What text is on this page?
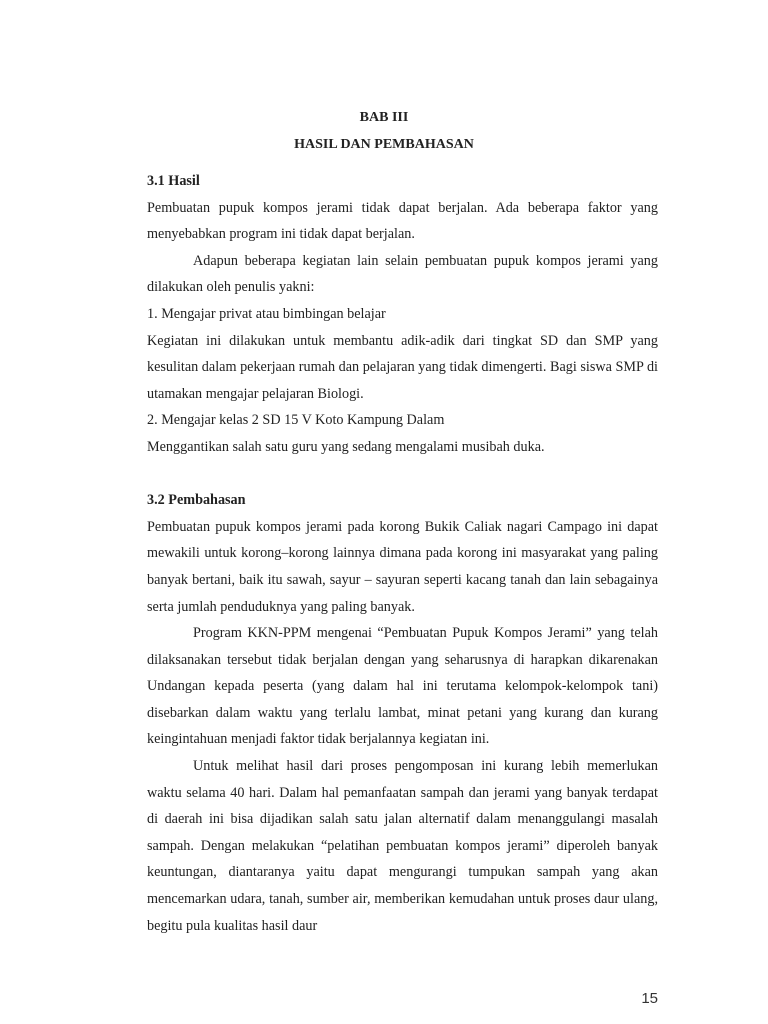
BAB III
HASIL DAN PEMBAHASAN

3.1 Hasil

Pembuatan pupuk kompos jerami tidak dapat berjalan. Ada beberapa faktor yang menyebabkan program ini tidak dapat berjalan.

Adapun beberapa kegiatan lain selain pembuatan pupuk kompos jerami yang dilakukan oleh penulis yakni:

1. Mengajar privat atau bimbingan belajar

Kegiatan ini dilakukan untuk membantu adik-adik dari tingkat SD dan SMP yang kesulitan dalam pekerjaan rumah dan pelajaran yang tidak dimengerti. Bagi siswa SMP di utamakan mengajar pelajaran Biologi.

2. Mengajar kelas 2 SD 15 V Koto Kampung Dalam

Menggantikan salah satu guru yang sedang mengalami musibah duka.

3.2 Pembahasan

Pembuatan pupuk kompos jerami pada korong Bukik Caliak nagari Campago ini dapat mewakili untuk korong–korong lainnya dimana pada korong ini masyarakat yang paling banyak bertani, baik itu sawah, sayur – sayuran seperti kacang tanah dan lain sebagainya serta jumlah penduduknya yang paling banyak.

Program KKN-PPM mengenai “Pembuatan Pupuk Kompos Jerami” yang telah dilaksanakan tersebut tidak berjalan dengan yang seharusnya di harapkan dikarenakan Undangan kepada peserta (yang dalam hal ini terutama kelompok-kelompok tani) disebarkan dalam waktu yang terlalu lambat, minat petani yang kurang dan kurang keingintahuan menjadi faktor tidak berjalannya kegiatan ini.

Untuk melihat hasil dari proses pengomposan ini kurang lebih memerlukan waktu selama 40 hari. Dalam hal pemanfaatan sampah dan jerami yang banyak terdapat di daerah ini bisa dijadikan salah satu jalan alternatif dalam menanggulangi masalah sampah. Dengan melakukan “pelatihan pembuatan kompos jerami” diperoleh banyak keuntungan, diantaranya yaitu dapat mengurangi tumpukan sampah yang akan mencemarkan udara, tanah, sumber air, memberikan kemudahan untuk proses daur ulang, begitu pula kualitas hasil daur

15
